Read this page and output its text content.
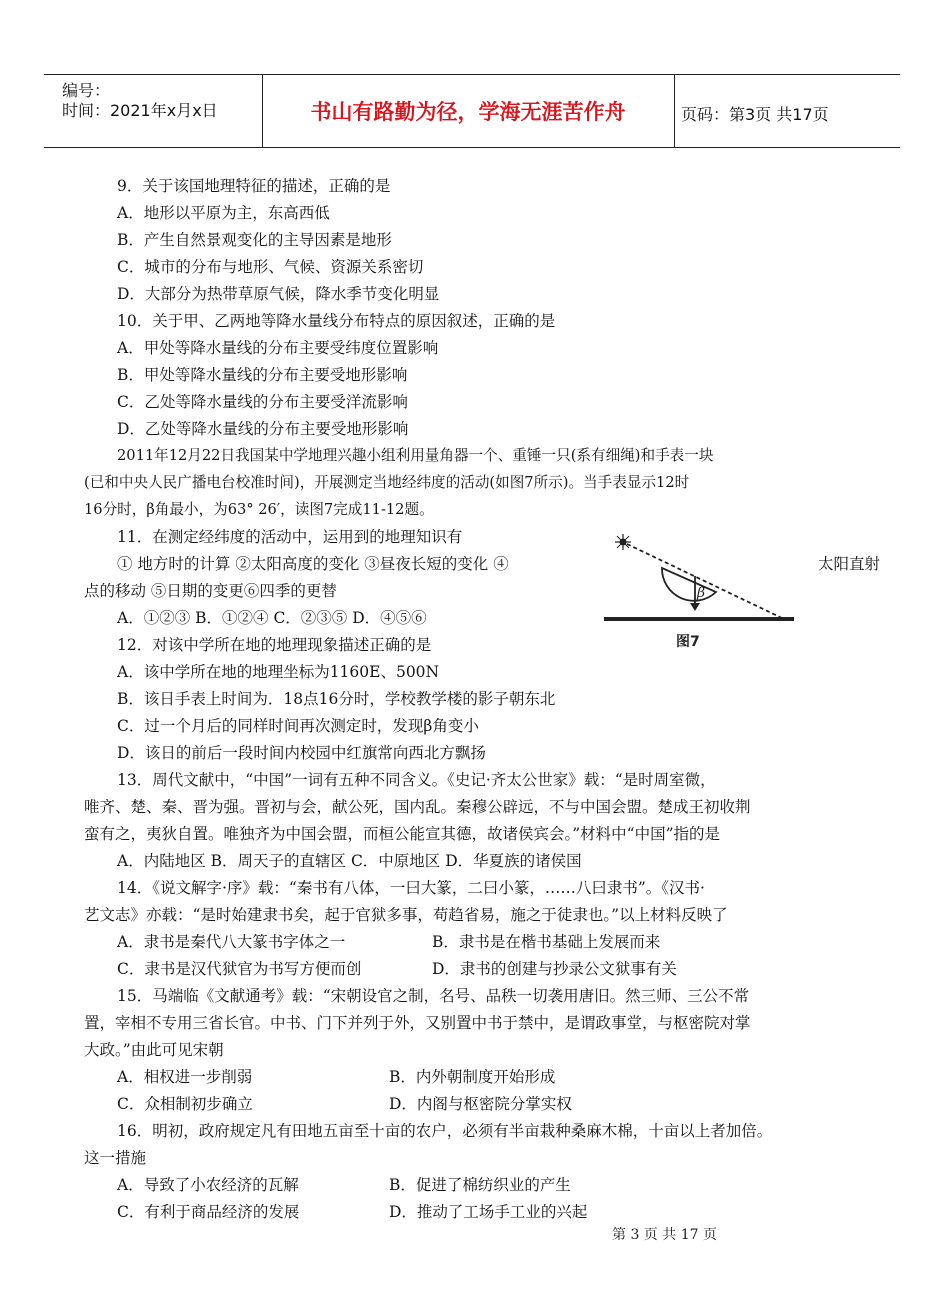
编号：
时间：2021年x月x日	书山有路勤为径，学海无涯苦作舟	页码：第3页 共17页
9．关于该国地理特征的描述，正确的是
A．地形以平原为主，东高西低
B．产生自然景观变化的主导因素是地形
C．城市的分布与地形、气候、资源关系密切
D．大部分为热带草原气候，降水季节变化明显
10．关于甲、乙两地等降水量线分布特点的原因叙述，正确的是
A．甲处等降水量线的分布主要受纬度位置影响
B．甲处等降水量线的分布主要受地形影响
C．乙处等降水量线的分布主要受洋流影响
D．乙处等降水量线的分布主要受地形影响
2011年12月22日我国某中学地理兴趣小组利用量角器一个、重锤一只(系有细绳)和手表一块
(已和中央人民广播电台校准时间)，开展测定当地经纬度的活动(如图7所示)。当手表显示12时
16分时，β角最小，为63° 26′，读图7完成11-12题。
11．在测定经纬度的活动中，运用到的地理知识有
① 地方时的计算 ②太阳高度的变化 ③昼夜长短的变化 ④	太阳直射
点的移动 ⑤日期的变更⑥四季的更替
A．①②③ B．①②④ C．②③⑤ D．④⑤⑥
β
图7
12．对该中学所在地的地理现象描述正确的是
A．该中学所在地的地理坐标为1160E、500N
B．该日手表上时间为．18点16分时，学校教学楼的影子朝东北
C．过一个月后的同样时间再次测定时，发现β角变小
D．该日的前后一段时间内校园中红旗常向西北方飘扬
13．周代文献中，“中国”一词有五种不同含义。《史记·齐太公世家》载：“是时周室微，
唯齐、楚、秦、晋为强。晋初与会，献公死，国内乱。秦穆公辟远，不与中国会盟。楚成王初收荆
蛮有之，夷狄自置。唯独齐为中国会盟，而桓公能宣其德，故诸侯宾会。”材料中“中国”指的是
A．内陆地区 B．周天子的直辖区 C．中原地区 D．华夏族的诸侯国
14．《说文解字·序》载：“秦书有八体，一曰大篆，二曰小篆，……八曰隶书”。《汉书·
艺文志》亦载：“是时始建隶书矣，起于官狱多事，苟趋省易，施之于徒隶也。”以上材料反映了
A．隶书是秦代八大篆书字体之一	B．隶书是在楷书基础上发展而来
C．隶书是汉代狱官为书写方便而创	D．隶书的创建与抄录公文狱事有关
15．马端临《文献通考》载：“宋朝设官之制，名号、品秩一切袭用唐旧。然三师、三公不常
置，宰相不专用三省长官。中书、门下并列于外，又别置中书于禁中，是谓政事堂，与枢密院对掌
大政。”由此可见宋朝
A．相权进一步削弱	B．内外朝制度开始形成
C．众相制初步确立	D．内阁与枢密院分掌实权
16．明初，政府规定凡有田地五亩至十亩的农户，必须有半亩栽种桑麻木棉，十亩以上者加倍。
这一措施
A．导致了小农经济的瓦解	B．促进了棉纺织业的产生
C．有利于商品经济的发展	D．推动了工场手工业的兴起
第 3 页 共 17 页
